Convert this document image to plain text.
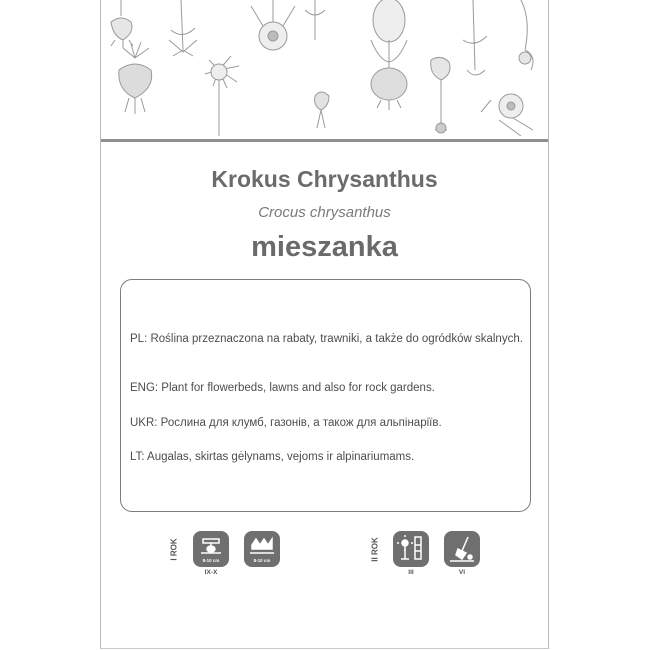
Krokus Chrysanthus
Crocus chrysanthus
mieszanka

PL: Roślina przeznaczona na rabaty, trawniki, a także do ogródków skalnych.

ENG: Plant for flowerbeds, lawns and also for rock gardens.

UKR: Рослина для клумб, газонів, а також для альпінаріїв.

LT: Augalas, skirtas gėlynams, vejoms ir alpinariumams.

I ROK	8-10 cm
IX-X
8-10 cm	II ROK
III	VI
